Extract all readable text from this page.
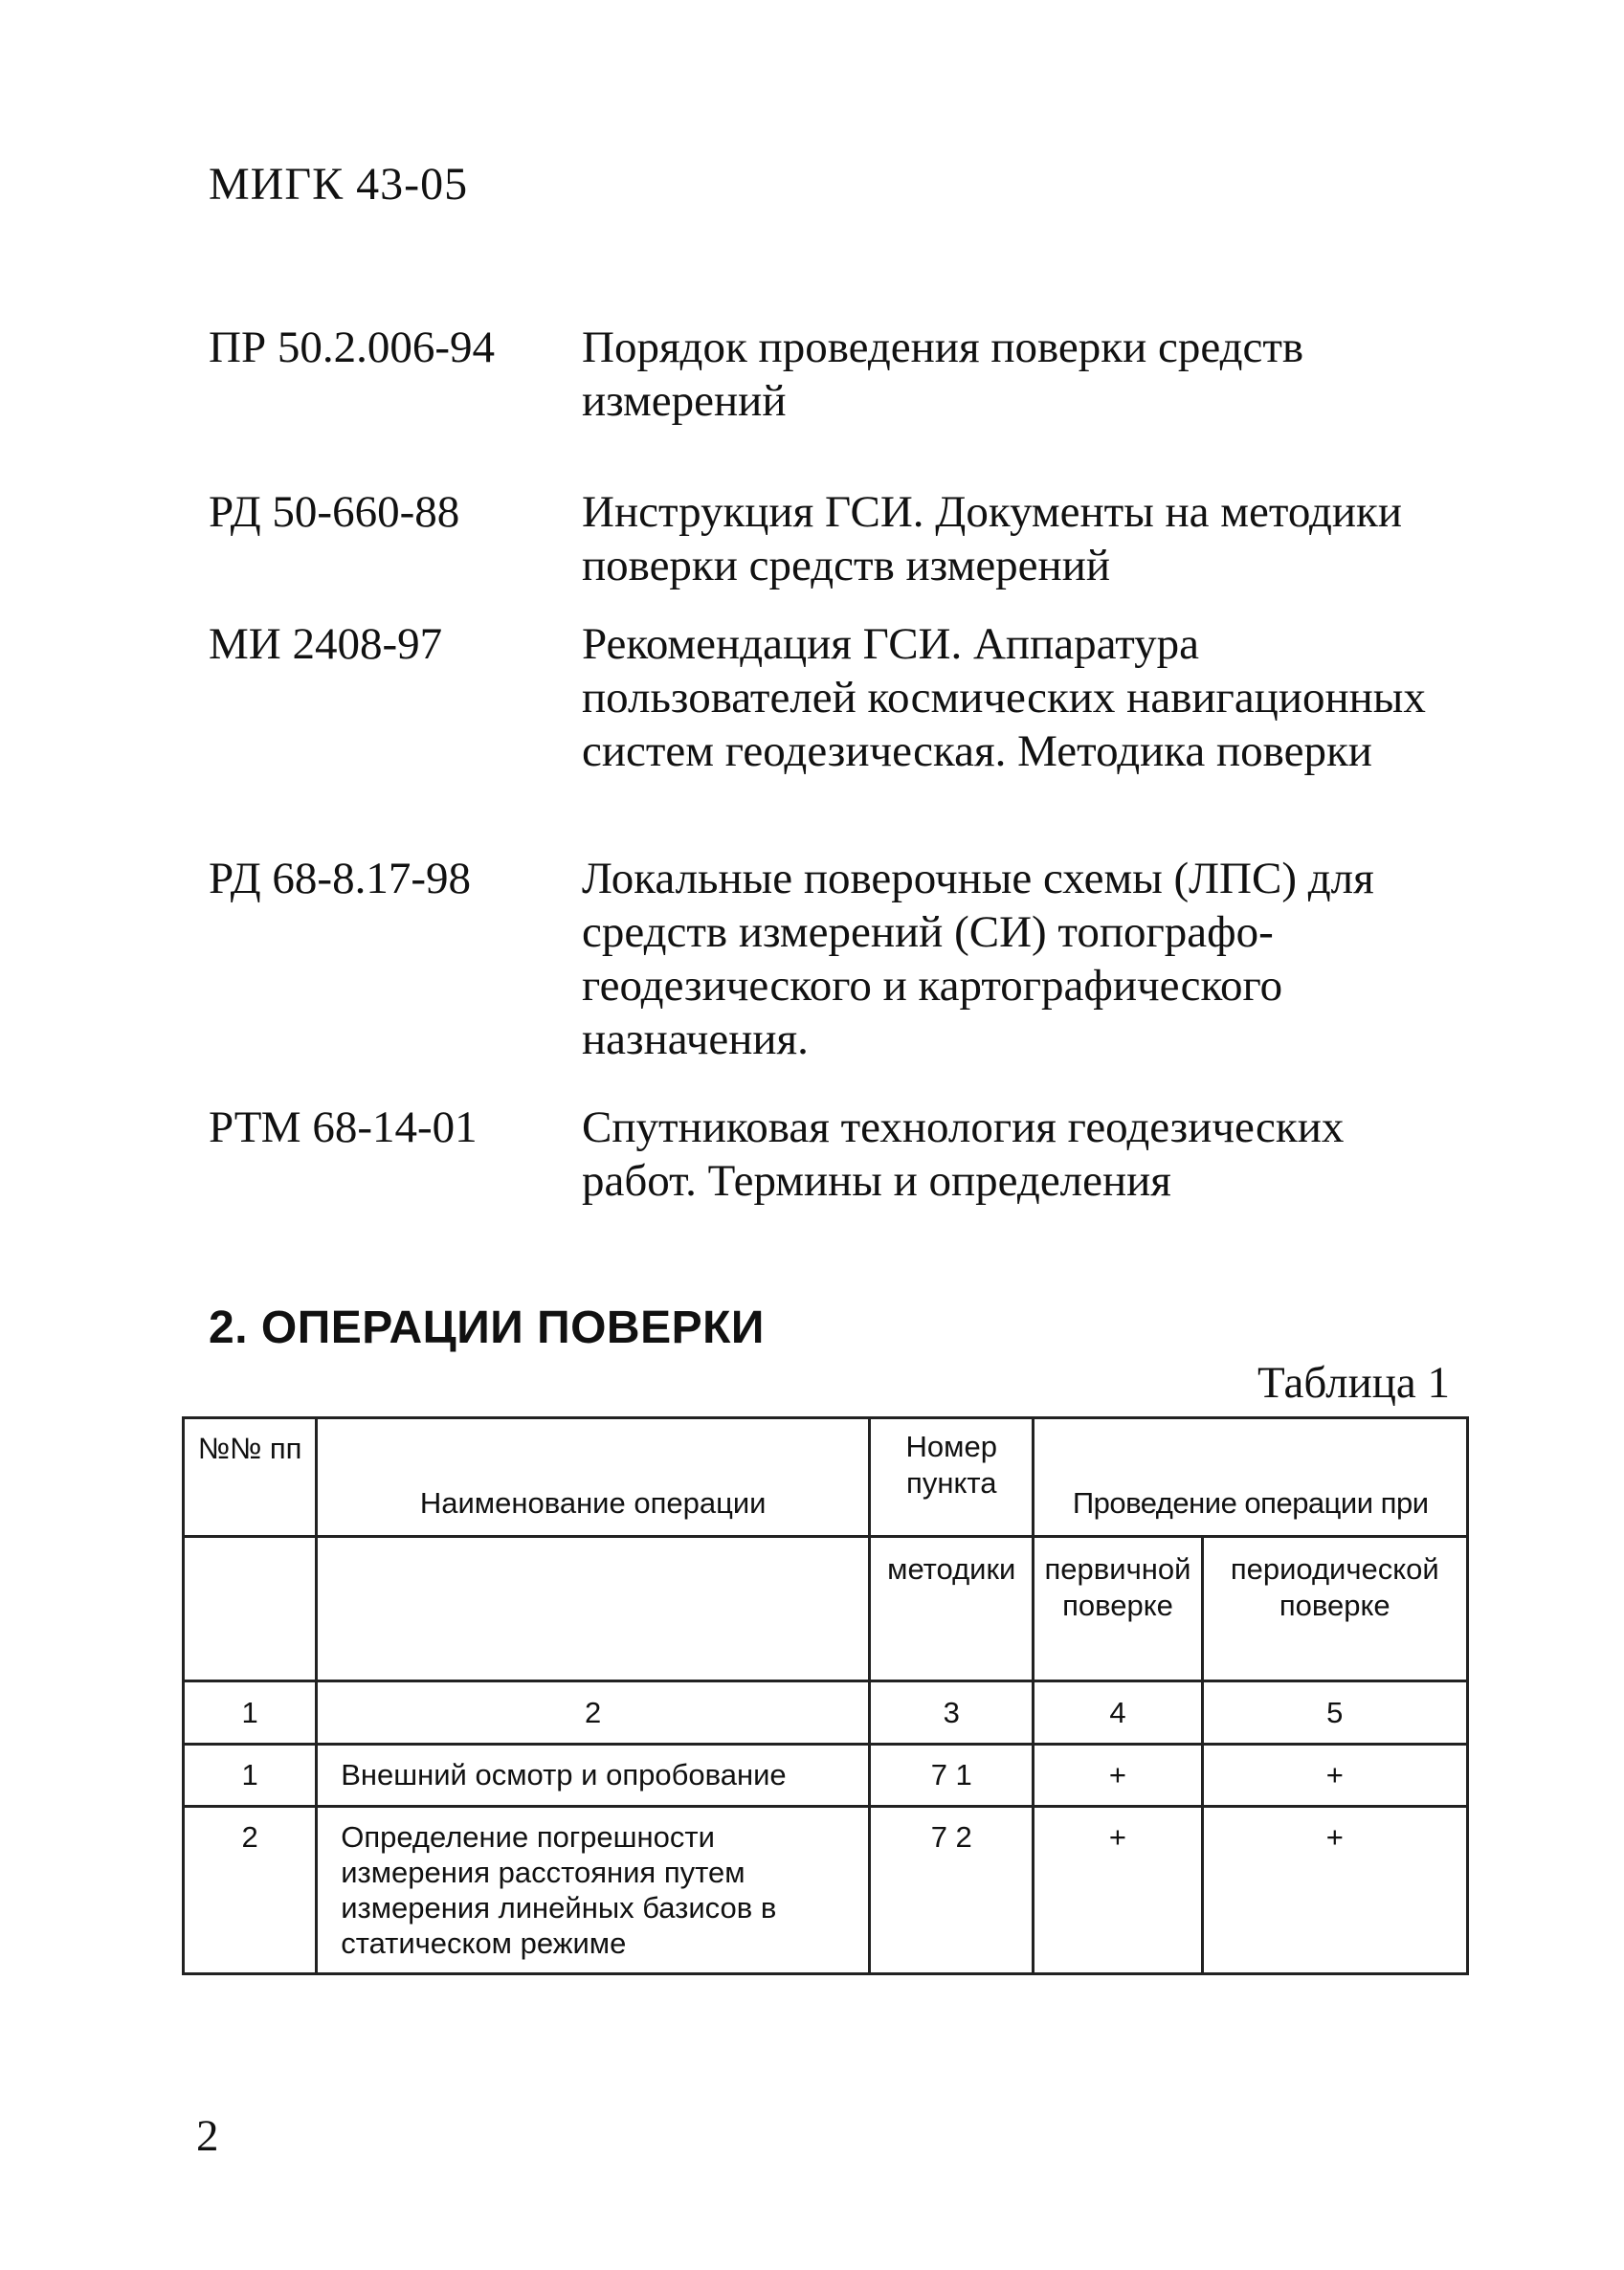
МИГК 43-05
ПР 50.2.006-94	Порядок проведения поверки средств измерений
РД 50-660-88	Инструкция ГСИ. Документы на методики поверки средств измерений
МИ 2408-97	Рекомендация ГСИ. Аппаратура пользователей космических навигационных систем геодезическая. Методика поверки
РД 68-8.17-98	Локальные поверочные схемы (ЛПС) для средств измерений (СИ) топографо-геодезического и картографического назначения.
РТМ 68-14-01	Спутниковая технология геодезических работ. Термины и определения
2. ОПЕРАЦИИ ПОВЕРКИ
Таблица 1
№№ пп	Наименование операции	Номер пункта	Проведение операции при	
		методики	первичной поверке	периодической поверке
1	2	3	4	5
1	Внешний осмотр и опробование	7 1	+	+
2	Определение погрешности измерения расстояния путем измерения линейных базисов в статическом режиме	7 2	+	+
2
